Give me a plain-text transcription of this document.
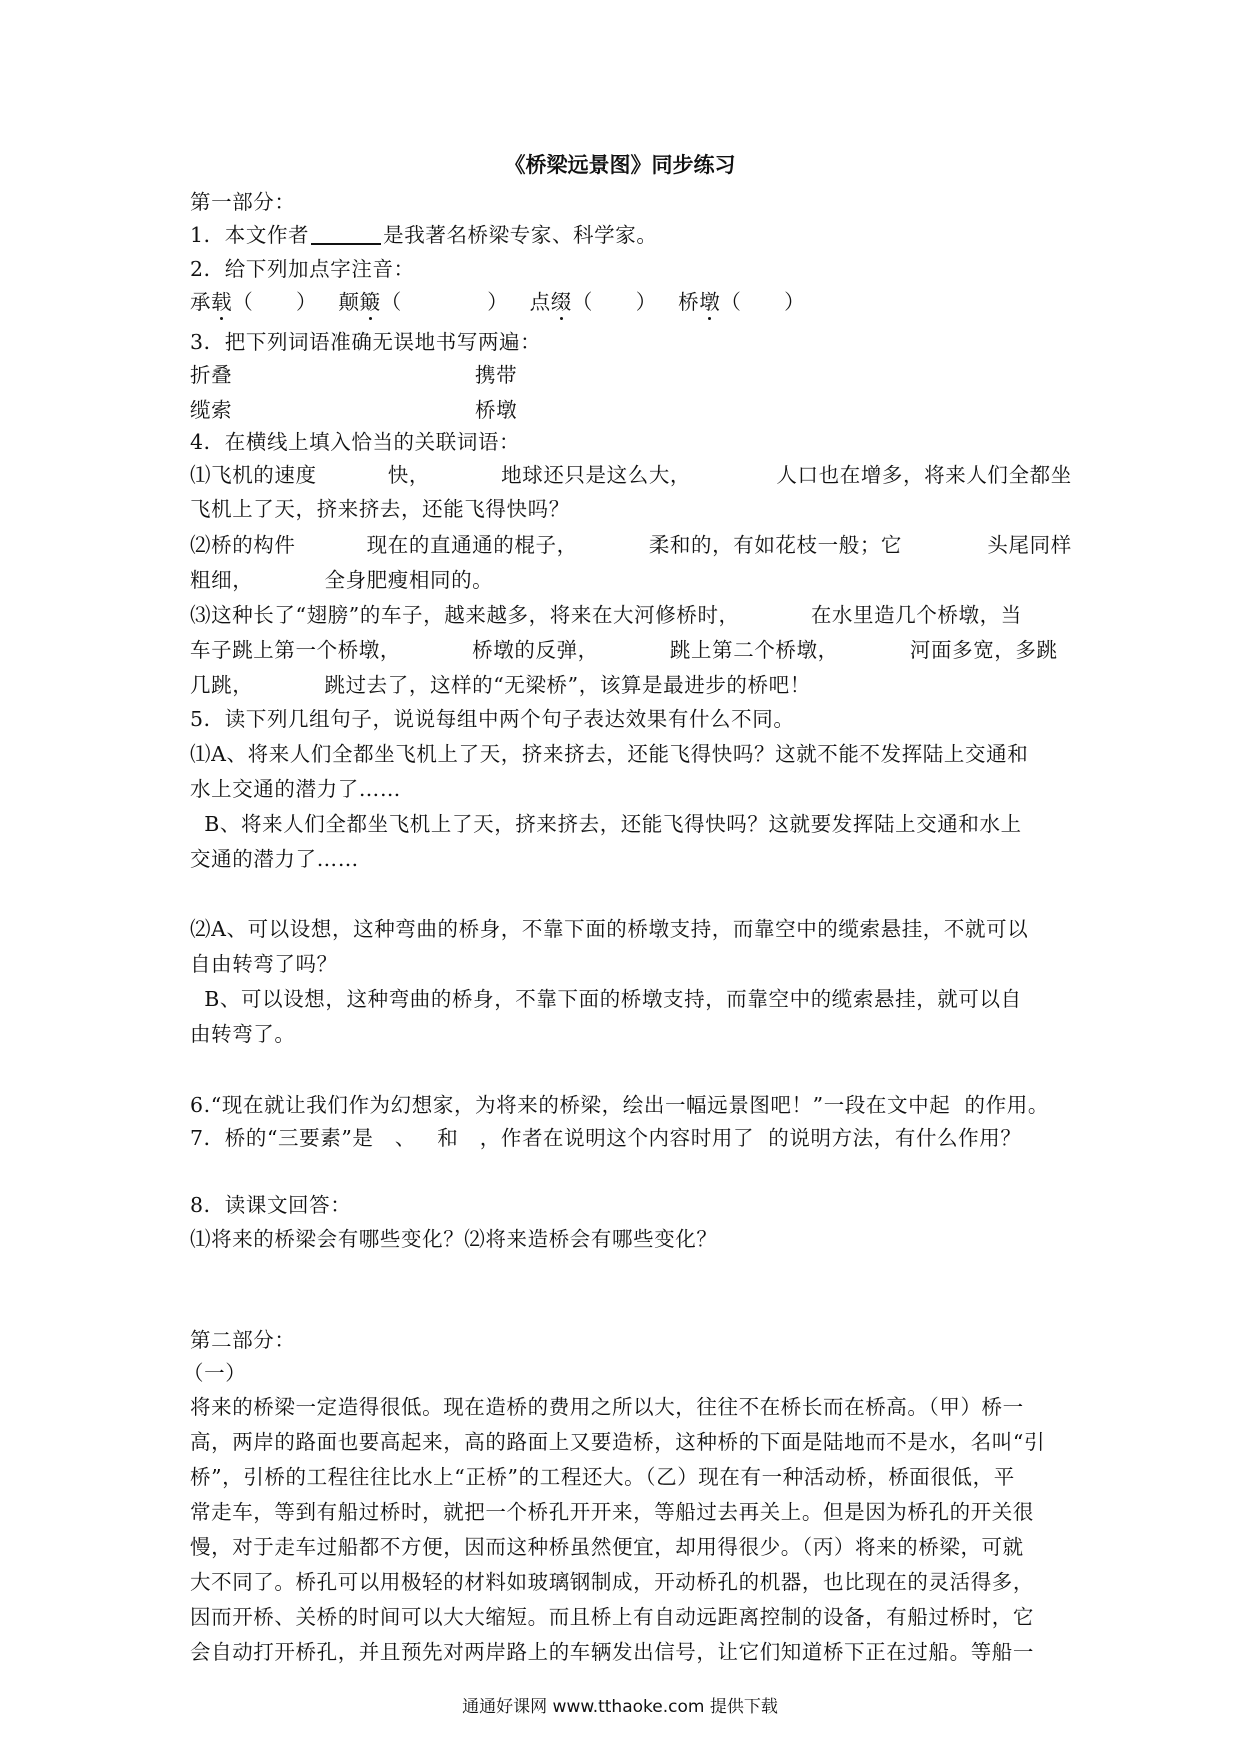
《桥梁远景图》同步练习
第一部分：
1．本文作者	是我著名桥梁专家、科学家。
2．给下列加点字注音：
承载（      ） 颠簸（            ） 点缀（      ） 桥墩（      ）
3．把下列词语准确无误地书写两遍：
折叠	携带
缆索	桥墩
4．在横线上填入恰当的关联词语：
⑴飞机的速度          快，          地球还只是这么大，            人口也在增多，将来人们全都坐
飞机上了天，挤来挤去，还能飞得快吗？
⑵桥的构件          现在的直通通的棍子，          柔和的，有如花枝一般；它            头尾同样
粗细，          全身肥瘦相同的。
⑶这种长了“翅膀”的车子，越来越多，将来在大河修桥时，          在水里造几个桥墩，当
车子跳上第一个桥墩，          桥墩的反弹，          跳上第二个桥墩，          河面多宽，多跳
几跳，          跳过去了，这样的“无梁桥”，该算是最进步的桥吧！
5．读下列几组句子，说说每组中两个句子表达效果有什么不同。
⑴A、将来人们全都坐飞机上了天，挤来挤去，还能飞得快吗？这就不能不发挥陆上交通和
水上交通的潜力了……
B、将来人们全都坐飞机上了天，挤来挤去，还能飞得快吗？这就要发挥陆上交通和水上
交通的潜力了……
⑵A、可以设想，这种弯曲的桥身，不靠下面的桥墩支持，而靠空中的缆索悬挂，不就可以
自由转弯了吗？
B、可以设想，这种弯曲的桥身，不靠下面的桥墩支持，而靠空中的缆索悬挂，就可以自
由转弯了。
6.“现在就让我们作为幻想家，为将来的桥梁，绘出一幅远景图吧！”一段在文中起  的作用。
7．桥的“三要素”是   、   和   ，作者在说明这个内容时用了  的说明方法，有什么作用？
8．读课文回答：
⑴将来的桥梁会有哪些变化？⑵将来造桥会有哪些变化？
第二部分：
（一）
将来的桥梁一定造得很低。现在造桥的费用之所以大，往往不在桥长而在桥高。（甲）桥一
高，两岸的路面也要高起来，高的路面上又要造桥，这种桥的下面是陆地而不是水，名叫“引
桥”，引桥的工程往往比水上“正桥”的工程还大。（乙）现在有一种活动桥，桥面很低，平
常走车，等到有船过桥时，就把一个桥孔开开来，等船过去再关上。但是因为桥孔的开关很
慢，对于走车过船都不方便，因而这种桥虽然便宜，却用得很少。（丙）将来的桥梁，可就
大不同了。桥孔可以用极轻的材料如玻璃钢制成，开动桥孔的机器，也比现在的灵活得多，
因而开桥、关桥的时间可以大大缩短。而且桥上有自动远距离控制的设备，有船过桥时，它
会自动打开桥孔，并且预先对两岸路上的车辆发出信号，让它们知道桥下正在过船。等船一
通通好课网 www.tthaoke.com 提供下载
